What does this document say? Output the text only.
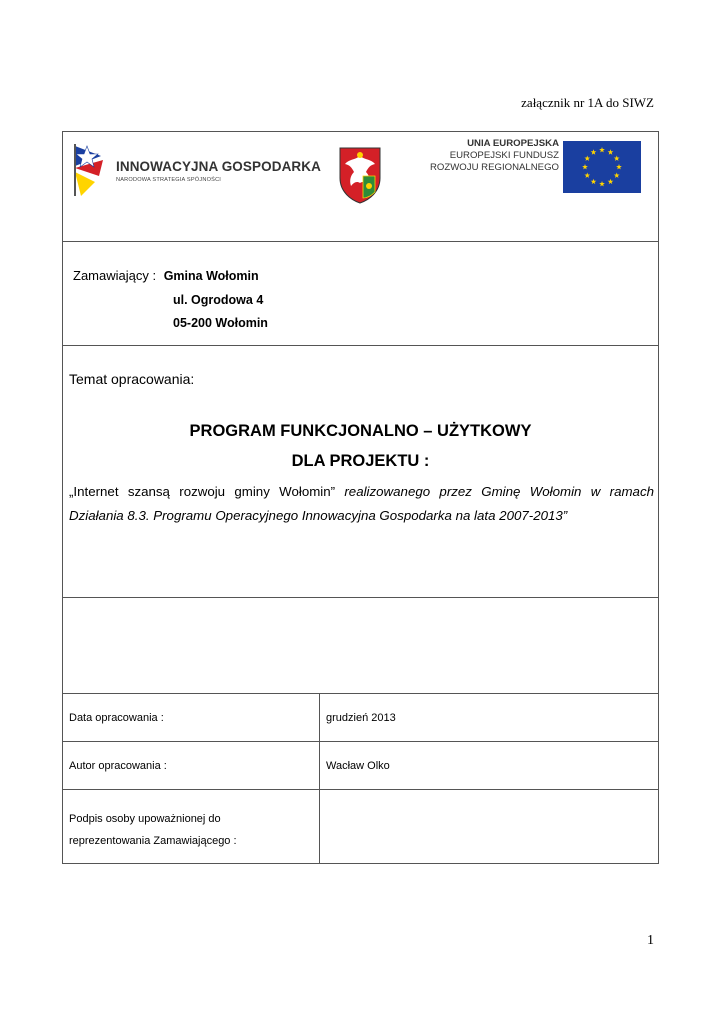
załącznik nr 1A do SIWZ
INNOWACYJNA GOSPODARKA
NARODOWA STRATEGIA SPÓJNOŚCI
UNIA EUROPEJSKA
EUROPEJSKI FUNDUSZ
ROZWOJU REGIONALNEGO
Zamawiający : Gmina Wołomin
ul. Ogrodowa 4
05-200 Wołomin
Temat opracowania:
PROGRAM FUNKCJONALNO – UŻYTKOWY
DLA PROJEKTU :
„Internet szansą rozwoju gminy Wołomin” realizowanego przez Gminę Wołomin w ramach Działania 8.3. Programu Operacyjnego Innowacyjna Gospodarka na lata 2007-2013”
Data opracowania :	grudzień 2013
Autor opracowania :	Wacław Olko
Podpis osoby upoważnionej do reprezentowania Zamawiającego :
1
